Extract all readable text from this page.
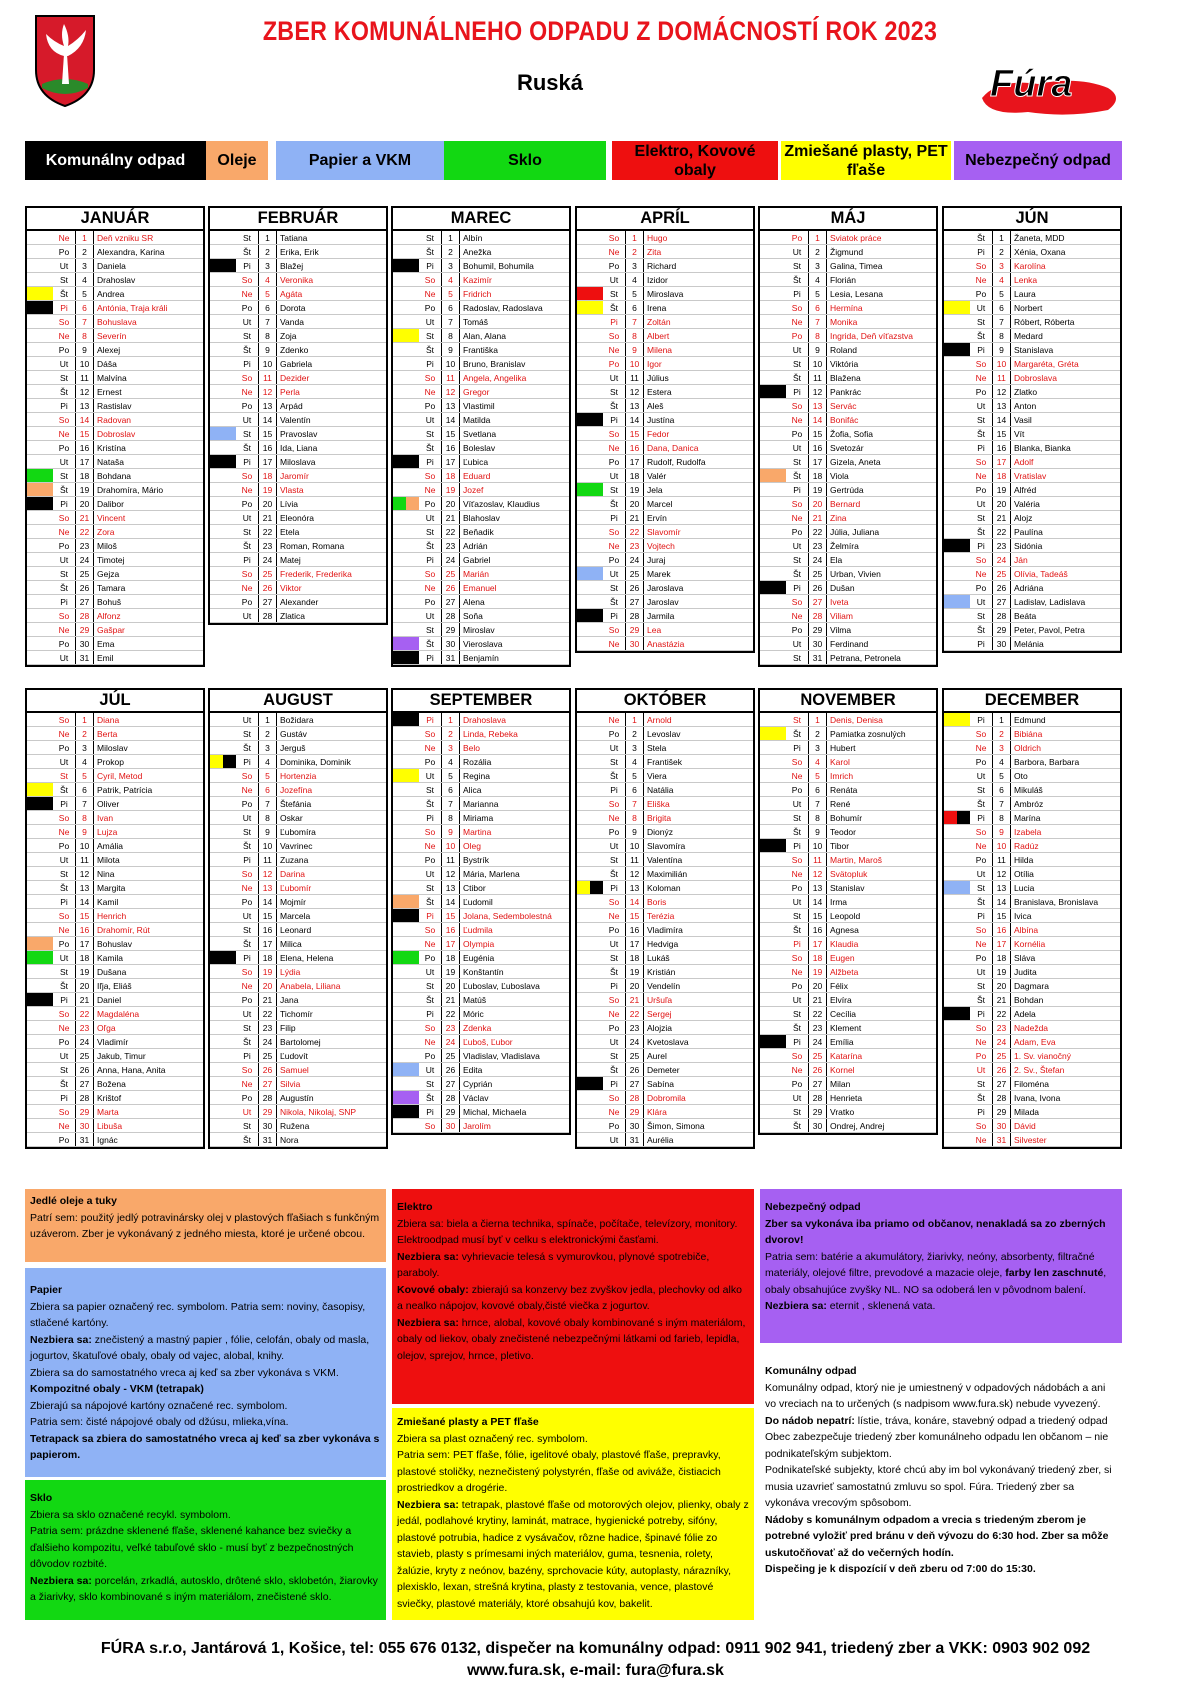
ZBER KOMUNÁLNEHO ODPADU Z DOMÁCNOSTÍ ROK 2023
Ruská	Fúra
Komunálny odpad	Oleje	Papier a VKM	Sklo
Elektro, Kovové obaly
Zmiešané plasty, PET fľaše
Nebezpečný odpad
JANUÁR
Ne	1	Deň vzniku SR
Po	2	Alexandra, Karina
Ut	3	Daniela
St	4	Drahoslav
Št	5	Andrea
Pi	6	Antónia, Traja králi
So	7	Bohuslava
Ne	8	Severín
Po	9	Alexej
Ut	10 Dáša
St	11 Malvína
Št	12 Ernest
Pi	13 Rastislav
So	14 Radovan
Ne	15 Dobroslav
Po	16 Kristína
Ut	17 Nataša
St	18 Bohdana
Št	19 Drahomíra, Mário
Pi	20 Dalibor
So	21 Vincent
Ne	22 Zora
Po	23 Miloš
Ut	24 Timotej
St	25 Gejza
Št	26 Tamara
Pi	27 Bohuš
So	28 Alfonz
Ne	29 Gašpar
Po	30 Ema
Ut	31 Emil
FEBRUÁR
St	1	Tatiana
Št	2	Erika, Erik
Pi	3	Blažej
So	4	Veronika
Ne	5	Agáta
Po	6	Dorota
Ut	7	Vanda
St	8	Zoja
Št	9	Zdenko
Pi	10 Gabriela
So	11 Dezider
Ne	12 Perla
Po	13 Arpád
Ut	14 Valentín
St	15 Pravoslav
Št	16 Ida, Liana
Pi	17 Miloslava
So	18 Jaromír
Ne	19 Vlasta
Po	20 Lívia
Ut	21 Eleonóra
St	22 Etela
Št	23 Roman, Romana
Pi	24 Matej
So	25 Frederik, Frederika
Ne	26 Viktor
Po	27 Alexander
Ut	28 Zlatica
MAREC
St	1	Albín
Št	2	Anežka
Pi	3	Bohumil, Bohumila
So	4	Kazimír
Ne	5	Fridrich
Po	6	Radoslav, Radoslava
Ut	7	Tomáš
St	8	Alan, Alana
Št	9	Františka
Pi	10 Bruno, Branislav
So	11 Angela, Angelika
Ne	12 Gregor
Po	13 Vlastimil
Ut	14 Matilda
St	15 Svetlana
Št	16 Boleslav
Pi	17 Ľubica
So	18 Eduard
Ne	19 Jozef
Po	20 Víťazoslav, Klaudius
Ut	21 Blahoslav
St	22 Beňadik
Št	23 Adrián
Pi	24 Gabriel
So	25 Marián
Ne	26 Emanuel
Po	27 Alena
Ut	28 Soňa
St	29 Miroslav
Št	30 Vieroslava
Pi	31 Benjamín
APRÍL
So	1	Hugo
Ne	2	Zita
Po	3	Richard
Ut	4	Izidor
St	5	Miroslava
Št	6	Irena
Pi	7	Zoltán
So	8	Albert
Ne	9	Milena
Po	10 Igor
Ut	11 Július
St	12 Estera
Št	13 Aleš
Pi	14 Justína
So	15 Fedor
Ne	16 Dana, Danica
Po	17 Rudolf, Rudolfa
Ut	18 Valér
St	19 Jela
Št	20 Marcel
Pi	21 Ervín
So	22 Slavomír
Ne	23 Vojtech
Po	24 Juraj
Ut	25 Marek
St	26 Jaroslava
Št	27 Jaroslav
Pi	28 Jarmila
So	29 Lea
Ne	30 Anastázia
MÁJ
Po	1	Sviatok práce
Ut	2	Žigmund
St	3	Galina, Timea
Št	4	Florián
Pi	5	Lesia, Lesana
So	6	Hermína
Ne	7	Monika
Po	8	Ingrida, Deň víťazstva
Ut	9	Roland
St	10 Viktória
Št	11 Blažena
Pi	12 Pankrác
So	13 Servác
Ne	14 Bonifác
Po	15 Žofia, Sofia
Ut	16 Svetozár
St	17 Gizela, Aneta
Št	18 Viola
Pi	19 Gertrúda
So	20 Bernard
Ne	21 Zina
Po	22 Júlia, Juliana
Ut	23 Želmíra
St	24 Ela
Št	25 Urban, Vivien
Pi	26 Dušan
So	27 Iveta
Ne	28 Viliam
Po	29 Vilma
Ut	30 Ferdinand
St	31 Petrana, Petronela
JÚN
Št	1	Žaneta, MDD
Pi	2	Xénia, Oxana
So	3	Karolína
Ne	4	Lenka
Po	5	Laura
Ut	6	Norbert
St	7	Róbert, Róberta
Št	8	Medard
Pi	9	Stanislava
So	10 Margaréta, Gréta
Ne	11 Dobroslava
Po	12 Zlatko
Ut	13 Anton
St	14 Vasil
Št	15 Vít
Pi	16 Blanka, Bianka
So	17 Adolf
Ne	18 Vratislav
Po	19 Alfréd
Ut	20 Valéria
St	21 Alojz
Št	22 Paulína
Pi	23 Sidónia
So	24 Ján
Ne	25 Olívia, Tadeáš
Po	26 Adriána
Ut	27 Ladislav, Ladislava
St	28 Beáta
Št	29 Peter, Pavol, Petra
Pi	30 Melánia
JÚL
So	1	Diana
Ne	2	Berta
Po	3	Miloslav
Ut	4	Prokop
St	5	Cyril, Metod
Št	6	Patrik, Patrícia
Pi	7	Oliver
So	8	Ivan
Ne	9	Lujza
Po	10 Amália
Ut	11 Milota
St	12 Nina
Št	13 Margita
Pi	14 Kamil
So	15 Henrich
Ne	16 Drahomír, Rút
Po	17 Bohuslav
Ut	18 Kamila
St	19 Dušana
Št	20 Iľja, Eliáš
Pi	21 Daniel
So	22 Magdaléna
Ne	23 Oľga
Po	24 Vladimír
Ut	25 Jakub, Timur
St	26 Anna, Hana, Anita
Št	27 Božena
Pi	28 Krištof
So	29 Marta
Ne	30 Libuša
Po	31 Ignác
AUGUST
Ut	1	Božidara
St	2	Gustáv
Št	3	Jerguš
Pi	4	Dominika, Dominik
So	5	Hortenzia
Ne	6	Jozefína
Po	7	Štefánia
Ut	8	Oskar
St	9	Ľubomíra
Št	10 Vavrinec
Pi	11 Zuzana
So	12 Darina
Ne	13 Ľubomír
Po	14 Mojmír
Ut	15 Marcela
St	16 Leonard
Št	17 Milica
Pi	18 Elena, Helena
So	19 Lýdia
Ne	20 Anabela, Liliana
Po	21 Jana
Ut	22 Tichomír
St	23 Filip
Št	24 Bartolomej
Pi	25 Ľudovít
So	26 Samuel
Ne	27 Silvia
Po	28 Augustín
Ut	29 Nikola, Nikolaj, SNP
St	30 Ružena
Št	31 Nora
SEPTEMBER
Pi	1	Drahoslava
So	2	Linda, Rebeka
Ne	3	Belo
Po	4	Rozália
Ut	5	Regina
St	6	Alica
Št	7	Marianna
Pi	8	Miriama
So	9	Martina
Ne	10 Oleg
Po	11 Bystrík
Ut	12 Mária, Marlena
St	13 Ctibor
Št	14 Ľudomil
Pi	15 Jolana, Sedembolestná
So	16 Ľudmila
Ne	17 Olympia
Po	18 Eugénia
Ut	19 Konštantín
St	20 Ľuboslav, Ľuboslava
Št	21 Matúš
Pi	22 Móric
So	23 Zdenka
Ne	24 Ľuboš, Ľubor
Po	25 Vladislav, Vladislava
Ut	26 Edita
St	27 Cyprián
Št	28 Václav
Pi	29 Michal, Michaela
So	30 Jarolím
OKTÓBER
Ne	1	Arnold
Po	2	Levoslav
Ut	3	Stela
St	4	František
Št	5	Viera
Pi	6	Natália
So	7	Eliška
Ne	8	Brigita
Po	9	Dionýz
Ut	10 Slavomíra
St	11 Valentína
Št	12 Maximilián
Pi	13 Koloman
So	14 Boris
Ne	15 Terézia
Po	16 Vladimíra
Ut	17 Hedviga
St	18 Lukáš
Št	19 Kristián
Pi	20 Vendelín
So	21 Uršuľa
Ne	22 Sergej
Po	23 Alojzia
Ut	24 Kvetoslava
St	25 Aurel
Št	26 Demeter
Pi	27 Sabína
So	28 Dobromila
Ne	29 Klára
Po	30 Šimon, Simona
Ut	31 Aurélia
NOVEMBER
St	1	Denis, Denisa
Št	2	Pamiatka zosnulých
Pi	3	Hubert
So	4	Karol
Ne	5	Imrich
Po	6	Renáta
Ut	7	René
St	8	Bohumír
Št	9	Teodor
Pi	10 Tibor
So	11 Martin, Maroš
Ne	12 Svätopluk
Po	13 Stanislav
Ut	14 Irma
St	15 Leopold
Št	16 Agnesa
Pi	17 Klaudia
So	18 Eugen
Ne	19 Alžbeta
Po	20 Félix
Ut	21 Elvíra
St	22 Cecília
Št	23 Klement
Pi	24 Emília
So	25 Katarína
Ne	26 Kornel
Po	27 Milan
Ut	28 Henrieta
St	29 Vratko
Št	30 Ondrej, Andrej
DECEMBER
Pi	1	Edmund
So	2	Bibiána
Ne	3	Oldrich
Po	4	Barbora, Barbara
Ut	5	Oto
St	6	Mikuláš
Št	7	Ambróz
Pi	8	Marína
So	9	Izabela
Ne	10 Radúz
Po	11 Hilda
Ut	12 Otília
St	13 Lucia
Št	14 Branislava, Bronislava
Pi	15 Ivica
So	16 Albína
Ne	17 Kornélia
Po	18 Sláva
Ut	19 Judita
St	20 Dagmara
Št	21 Bohdan
Pi	22 Adela
So	23 Nadežda
Ne	24 Adam, Eva
Po	25 1. Sv. vianočný
Ut	26 2. Sv., Štefan
St	27 Filoména
Št	28 Ivana, Ivona
Pi	29 Milada
So	30 Dávid
Ne	31 Silvester
Jedlé oleje a tuky
Patrí sem: použitý jedlý potravinársky olej v plastových fľašiach s funkčným uzáverom. Zber je vykonávaný z jedného miesta, ktoré je určené obcou.
Papier
Zbiera sa papier označený rec. symbolom. Patria sem: noviny, časopisy, stlačené kartóny.
Nezbiera sa: znečistený a mastný papier , fólie, celofán, obaly od masla, jogurtov, škatuľové obaly, obaly od vajec, alobal, knihy.
Zbiera sa do samostatného vreca aj keď sa zber vykonáva s VKM.
Kompozitné obaly - VKM (tetrapak)
Zbierajú sa nápojové kartóny označené rec. symbolom.
Patria sem: čisté nápojové obaly od džúsu, mlieka,vína.
Tetrapack sa zbiera do samostatného vreca aj keď sa zber vykonáva s papierom.
Sklo
Zbiera sa sklo označené recykl. symbolom.
Patria sem: prázdne sklenené fľaše, sklenené kahance bez sviečky a ďalšieho kompozitu, veľké tabuľové sklo - musí byť z bezpečnostných dôvodov rozbité.
Nezbiera sa: porcelán, zrkadlá, autosklo, drôtené sklo, sklobetón, žiarovky a žiarivky, sklo kombinované s iným materiálom, znečistené sklo.
Elektro
Zbiera sa: biela a čierna technika, spínače, počítače, televízory, monitory.
Elektroodpad musí byť v celku s elektronickými časťami.
Nezbiera sa: vyhrievacie telesá s vymurovkou, plynové spotrebiče, paraboly.
Kovové obaly: zbierajú sa konzervy bez zvyškov jedla, plechovky od alko a nealko nápojov, kovové obaly,čisté viečka z jogurtov.
Nezbiera sa: hrnce, alobal, kovové obaly kombinované s iným materiálom, obaly od liekov, obaly znečistené nebezpečnými látkami od farieb, lepidla, olejov, sprejov, hrnce, pletivo.
Zmiešané plasty a PET fľaše
Zbiera sa plast označený rec. symbolom.
Patria sem: PET fľaše, fólie, igelitové obaly, plastové fľaše, prepravky, plastové stoličky, neznečistený polystyrén, fľaše od aviváže, čistiacich prostriedkov a drogérie.
Nezbiera sa: tetrapak, plastové fľaše od motorových olejov, plienky, obaly z jedál, podlahové krytiny, laminát, matrace, hygienické potreby, sifóny, plastové potrubia, hadice z vysávačov, rôzne hadice, špinavé fólie zo stavieb, plasty s prímesami iných materiálov, guma, tesnenia, rolety, žalúzie, kryty z neónov, bazény, sprchovacie kúty, autoplasty, nárazníky, plexisklo, lexan, strešná krytina, plasty z testovania, vence, plastové sviečky, plastové materiály, ktoré obsahujú kov, bakelit.
Nebezpečný odpad
Zber sa vykonáva iba priamo od občanov, nenakladá sa zo zberných dvorov!
Patria sem: batérie a akumulátory, žiarivky, neóny, absorbenty, filtračné materiály, olejové filtre, prevodové a mazacie oleje, farby len zaschnuté, obaly obsahujúce zvyšky NL. NO sa odoberá len v pôvodnom balení.
Nezbiera sa: eternit , sklenená vata.
Komunálny odpad
Komunálny odpad, ktorý nie je umiestnený v odpadových nádobách a ani vo vreciach na to určených (s nadpisom www.fura.sk) nebude vyvezený.
Do nádob nepatrí: lístie, tráva, konáre, stavebný odpad a triedený odpad
Obec zabezpečuje triedený zber komunálneho odpadu len občanom – nie podnikateľským subjektom.
Podnikateľské subjekty, ktoré chcú aby im bol vykonávaný triedený zber, si musia uzavrieť samostatnú zmluvu so spol. Fúra. Triedený zber sa vykonáva vrecovým spôsobom.
Nádoby s komunálnym odpadom a vrecia s triedeným zberom je potrebné vyložiť pred bránu v deň vývozu do 6:30 hod. Zber sa môže uskutočňovať až do večerných hodín.
Dispečing je k dispozícií v deň zberu od 7:00 do 15:30.
FÚRA s.r.o, Jantárová 1, Košice, tel: 055 676 0132, dispečer na komunálny odpad: 0911 902 941, triedený zber a VKK: 0903 902 092
www.fura.sk, e-mail: fura@fura.sk
